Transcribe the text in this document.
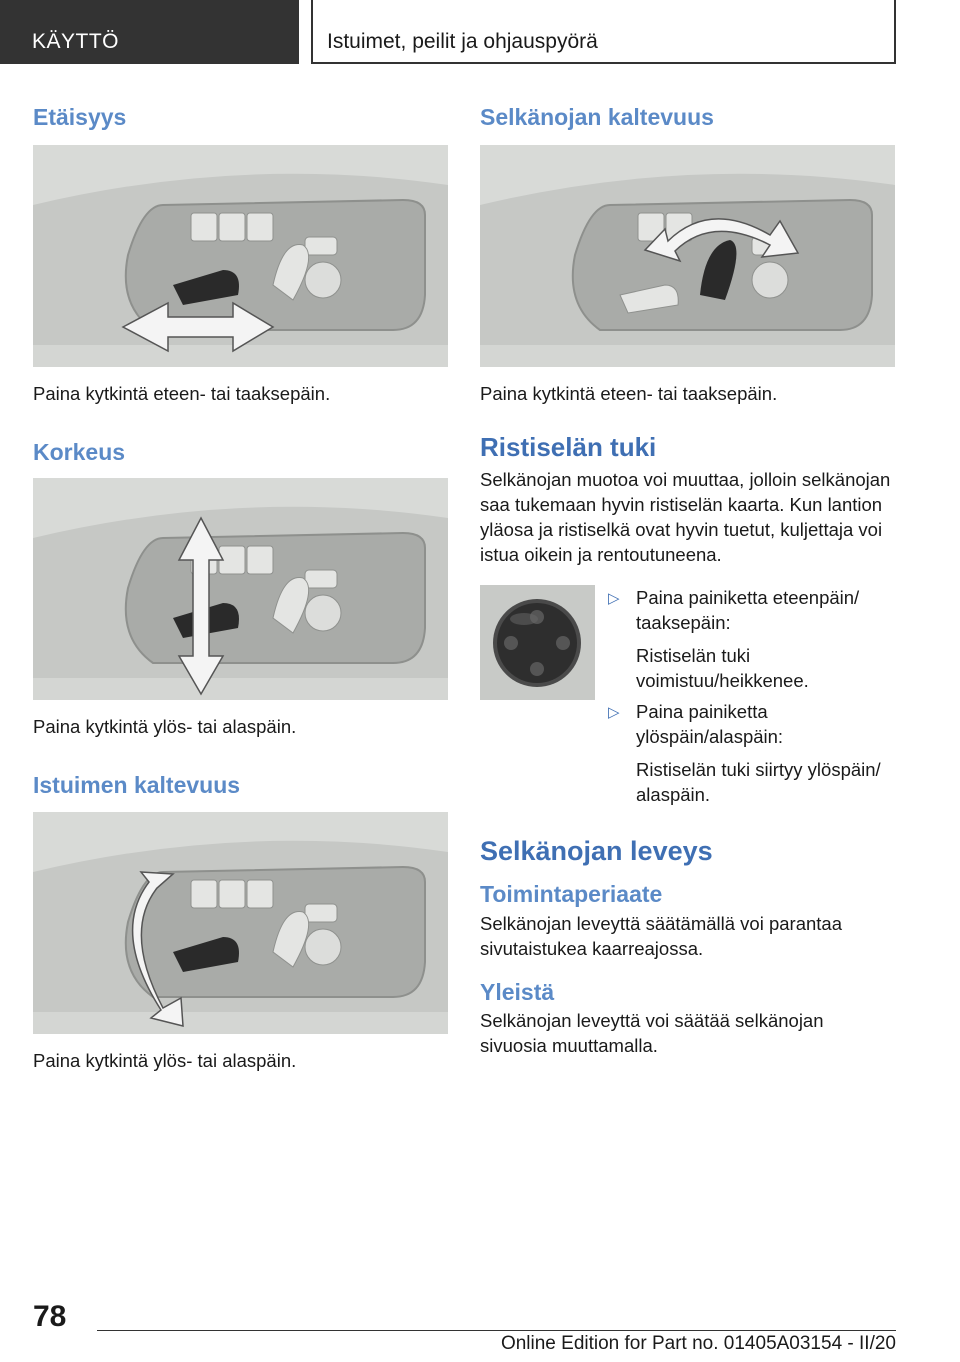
KÄYTTÖ	Istuimet, peilit ja ohjauspyörä
Etäisyys

Paina kytkintä eteen- tai taaksepäin.

Korkeus

Paina kytkintä ylös- tai alaspäin.

Istuimen kaltevuus

Paina kytkintä ylös- tai alaspäin.

Selkänojan kaltevuus

Paina kytkintä eteen- tai taaksepäin.

Ristiselän tuki

Selkänojan muotoa voi muuttaa, jolloin selkänojan saa tukemaan hyvin ristiselän kaarta. Kun lantion yläosa ja ristiselkä ovat hyvin tuetut, kuljettaja voi istua oikein ja rentoutuneena.

▷ Paina painiketta eteenpäin/ taaksepäin:

Ristiselän tuki voimistuu/heikkenee.

▷ Paina painiketta ylöspäin/alaspäin:

Ristiselän tuki siirtyy ylöspäin/ alaspäin.

Selkänojan leveys
Toimintaperiaate

Selkänojan leveyttä säätämällä voi parantaa sivutaistukea kaarreajossa.

Yleistä

Selkänojan leveyttä voi säätää selkänojan sivuosia muuttamalla.

78
Online Edition for Part no. 01405A03154 - II/20
